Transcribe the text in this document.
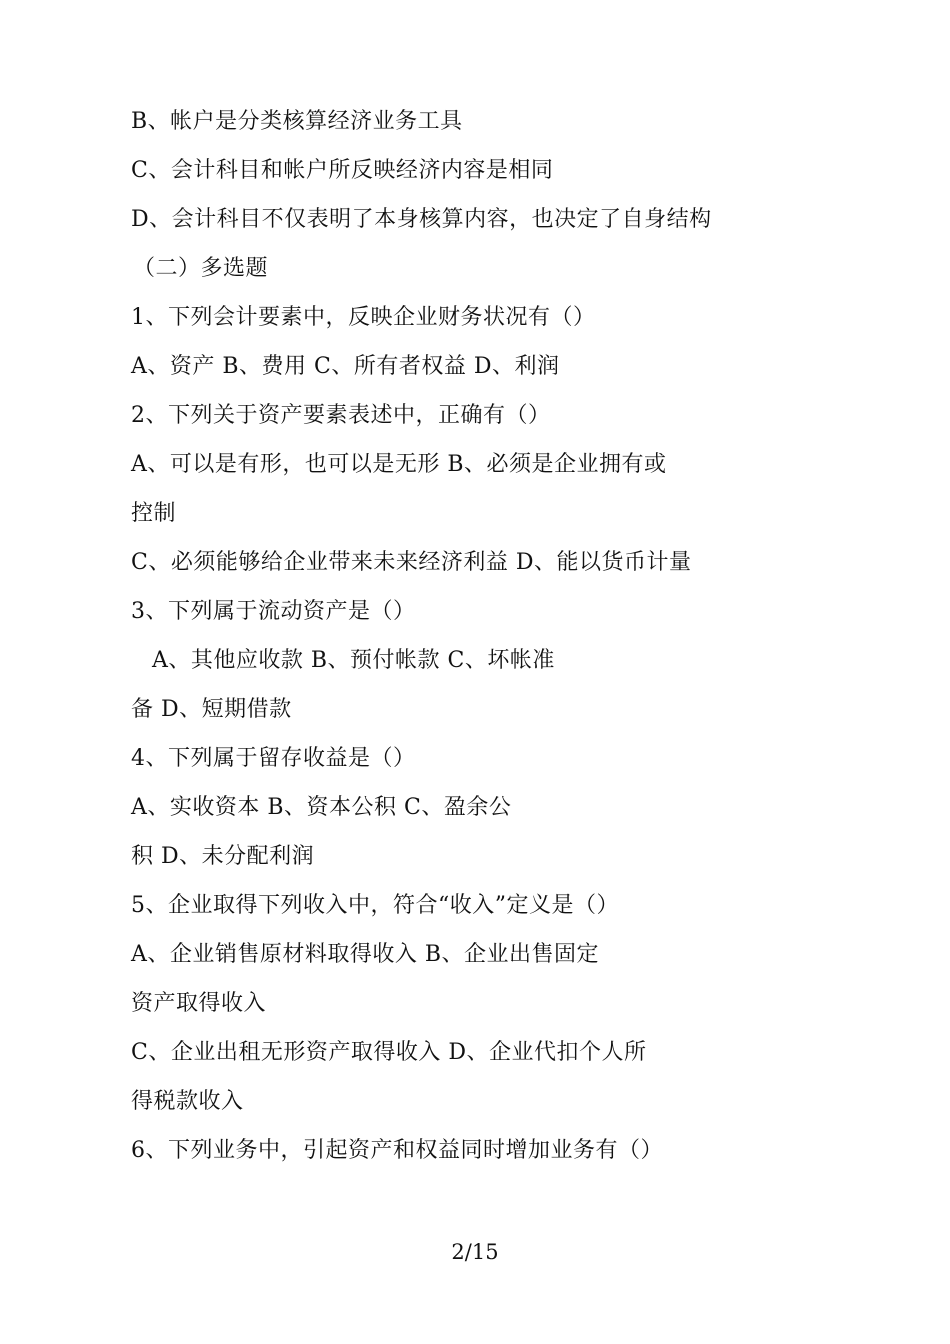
B、帐户是分类核算经济业务工具
C、会计科目和帐户所反映经济内容是相同
D、会计科目不仅表明了本身核算内容，也决定了自身结构
（二）多选题
1、下列会计要素中，反映企业财务状况有（）
A、资产 B、费用 C、所有者权益 D、利润
2、下列关于资产要素表述中，正确有（）
A、可以是有形，也可以是无形 B、必须是企业拥有或
控制
C、必须能够给企业带来未来经济利益 D、能以货币计量
3、下列属于流动资产是（）
A、其他应收款 B、预付帐款 C、坏帐准
备 D、短期借款
4、下列属于留存收益是（）
A、实收资本 B、资本公积 C、盈余公
积 D、未分配利润
5、企业取得下列收入中，符合“收入”定义是（）
A、企业销售原材料取得收入 B、企业出售固定
资产取得收入
C、企业出租无形资产取得收入 D、企业代扣个人所
得税款收入
6、下列业务中，引起资产和权益同时增加业务有（）
2/15
